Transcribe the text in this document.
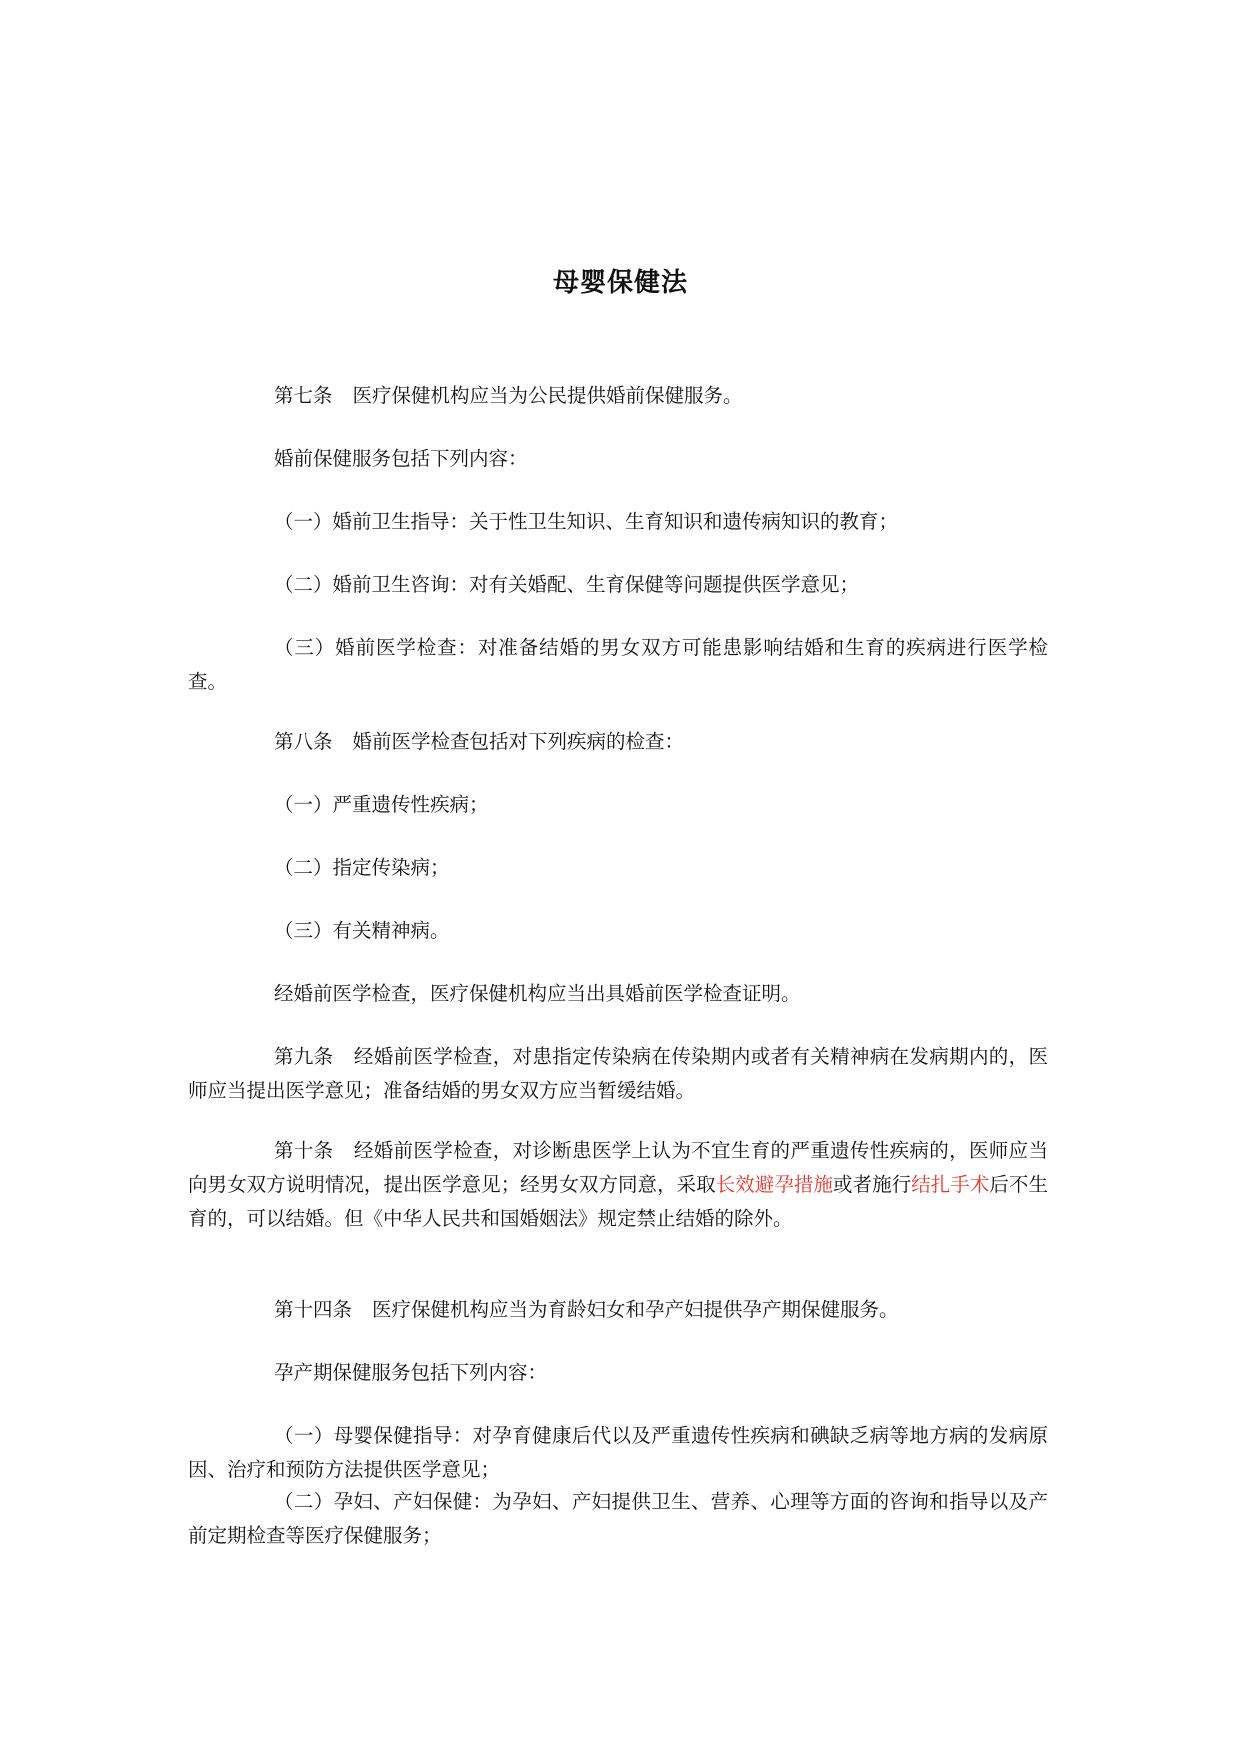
母婴保健法
第七条 医疗保健机构应当为公民提供婚前保健服务。
婚前保健服务包括下列内容：
（一）婚前卫生指导：关于性卫生知识、生育知识和遗传病知识的教育；
（二）婚前卫生咨询：对有关婚配、生育保健等问题提供医学意见；
（三）婚前医学检查：对准备结婚的男女双方可能患影响结婚和生育的疾病进行医学检查。
第八条 婚前医学检查包括对下列疾病的检查：
（一）严重遗传性疾病；
（二）指定传染病；
（三）有关精神病。
经婚前医学检查，医疗保健机构应当出具婚前医学检查证明。
第九条 经婚前医学检查，对患指定传染病在传染期内或者有关精神病在发病期内的，医师应当提出医学意见；准备结婚的男女双方应当暂缓结婚。
第十条 经婚前医学检查，对诊断患医学上认为不宜生育的严重遗传性疾病的，医师应当向男女双方说明情况，提出医学意见；经男女双方同意，采取长效避孕措施或者施行结扎手术后不生育的，可以结婚。但《中华人民共和国婚姻法》规定禁止结婚的除外。
第十四条 医疗保健机构应当为育龄妇女和孕产妇提供孕产期保健服务。
孕产期保健服务包括下列内容：
（一）母婴保健指导：对孕育健康后代以及严重遗传性疾病和碘缺乏病等地方病的发病原因、治疗和预防方法提供医学意见；
（二）孕妇、产妇保健：为孕妇、产妇提供卫生、营养、心理等方面的咨询和指导以及产前定期检查等医疗保健服务；
